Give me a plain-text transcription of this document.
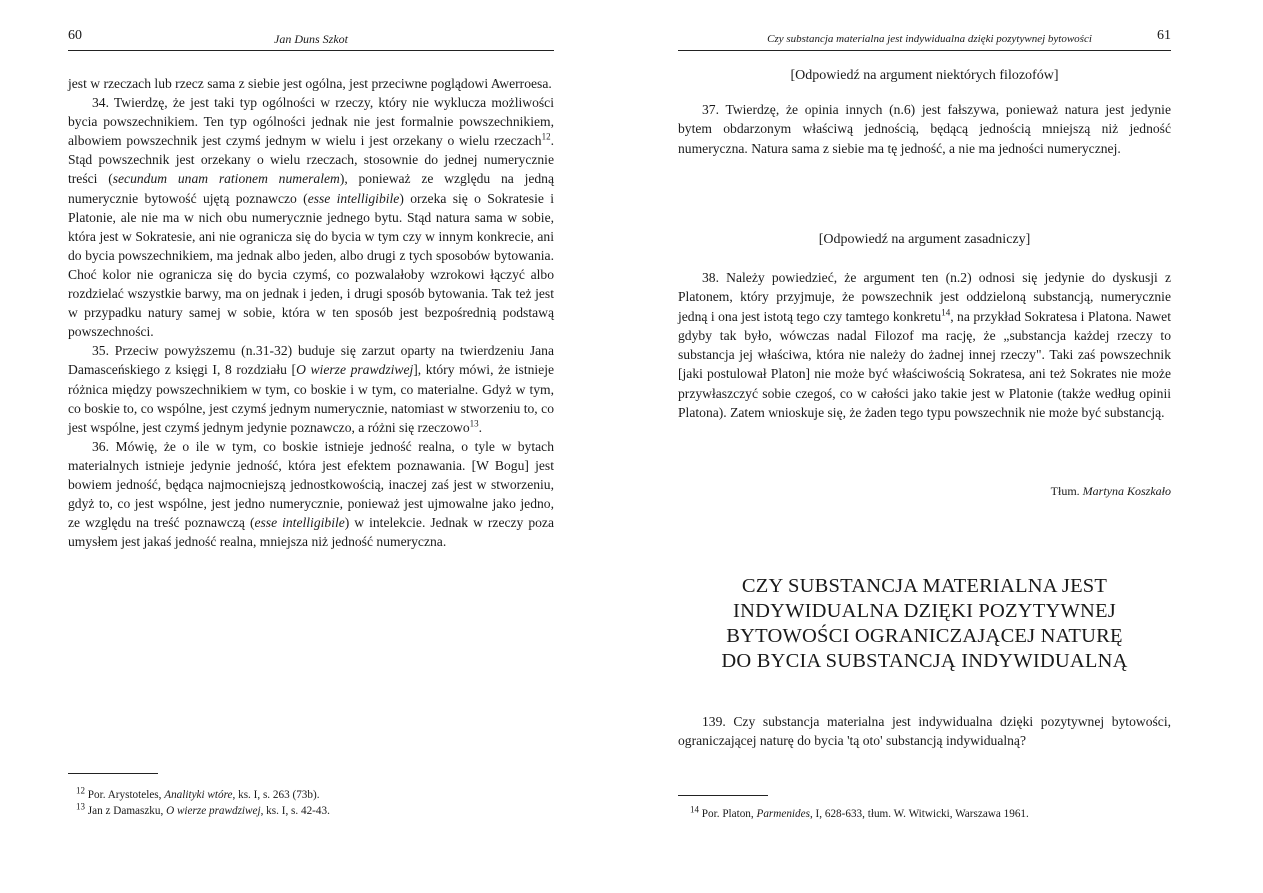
60	Jan Duns Szkot

jest w rzeczach lub rzecz sama z siebie jest ogólna, jest przeciwne poglądowi Awerroesa.

34. Twierdzę, że jest taki typ ogólności w rzeczy, który nie wyklucza możliwości bycia powszechnikiem. Ten typ ogólności jednak nie jest formalnie powszechnikiem, albowiem powszechnik jest czymś jednym w wielu i jest orzekany o wielu rzeczach$^{12}$. Stąd powszechnik jest orzekany o wielu rzeczach, stosownie do jednej numerycznie treści (secundum unam rationem numeralem), ponieważ ze względu na jedną numerycznie bytowość ujętą poznawczo (esse intelligibile) orzeka się o Sokratesie i Platonie, ale nie ma w nich obu numerycznie jednego bytu. Stąd natura sama w sobie, która jest w Sokratesie, ani nie ogranicza się do bycia w tym czy w innym konkrecie, ani do bycia powszechnikiem, ma jednak albo jeden, albo drugi z tych sposobów bytowania. Choć kolor nie ogranicza się do bycia czymś, co pozwalałoby wzrokowi łączyć albo rozdzielać wszystkie barwy, ma on jednak i jeden, i drugi sposób bytowania. Tak też jest w przypadku natury samej w sobie, która w ten sposób jest bezpośrednią podstawą powszechności.

35. Przeciw powyższemu (n.31-32) buduje się zarzut oparty na twierdzeniu Jana Damasceńskiego z księgi I, 8 rozdziału [O wierze prawdziwej], który mówi, że istnieje różnica między powszechnikiem w tym, co boskie i w tym, co materialne. Gdyż w tym, co boskie to, co wspólne, jest czymś jednym numerycznie, natomiast w stworzeniu to, co jest wspólne, jest czymś jednym jedynie poznawczo, a różni się rzeczowo$^{13}$.

36. Mówię, że o ile w tym, co boskie istnieje jedność realna, o tyle w bytach materialnych istnieje jedynie jedność, która jest efektem poznawania. [W Bogu] jest bowiem jedność, będąca najmocniejszą jednostkowością, inaczej zaś jest w stworzeniu, gdyż to, co jest wspólne, jest jedno numerycznie, ponieważ jest ujmowalne jako jedno, ze względu na treść poznawczą (esse intelligibile) w intelekcie. Jednak w rzeczy poza umysłem jest jakaś jedność realna, mniejsza niż jedność numeryczna.

$^{12}$ Por. Arystoteles, Analityki wtóre, ks. I, s. 263 (73b).

$^{13}$ Jan z Damaszku, O wierze prawdziwej, ks. I, s. 42-43.

Czy substancja materialna jest indywidualna dzięki pozytywnej bytowości	61
[Odpowiedź na argument niektórych filozofów]

37. Twierdzę, że opinia innych (n.6) jest fałszywa, ponieważ natura jest jedynie bytem obdarzonym właściwą jednością, będącą jednością mniejszą niż jedność numeryczna. Natura sama z siebie ma tę jedność, a nie ma jedności numerycznej.

[Odpowiedź na argument zasadniczy]

38. Należy powiedzieć, że argument ten (n.2) odnosi się jedynie do dyskusji z Platonem, który przyjmuje, że powszechnik jest oddzieloną substancją, numerycznie jedną i ona jest istotą tego czy tamtego konkretu$^{14}$, na przykład Sokratesa i Platona. Nawet gdyby tak było, wówczas nadal Filozof ma rację, że „substancja każdej rzeczy to substancja jej właściwa, która nie należy do żadnej innej rzeczy". Taki zaś powszechnik [jaki postulował Platon] nie może być właściwością Sokratesa, ani też Sokrates nie może przywłaszczyć sobie czegoś, co w całości jako takie jest w Platonie (także według opinii Platona). Zatem wnioskuje się, że żaden tego typu powszechnik nie może być substancją.

Tłum. Martyna Koszkało
CZY SUBSTANCJA MATERIALNA JEST
INDYWIDUALNA DZIĘKI POZYTYWNEJ
BYTOWOŚCI OGRANICZAJĄCEJ NATURĘ
DO BYCIA SUBSTANCJĄ INDYWIDUALNĄ

139. Czy substancja materialna jest indywidualna dzięki pozytywnej bytowości, ograniczającej naturę do bycia 'tą oto' substancją indywidualną?

$^{14}$ Por. Platon, Parmenides, I, 628-633, tłum. W. Witwicki, Warszawa 1961.
